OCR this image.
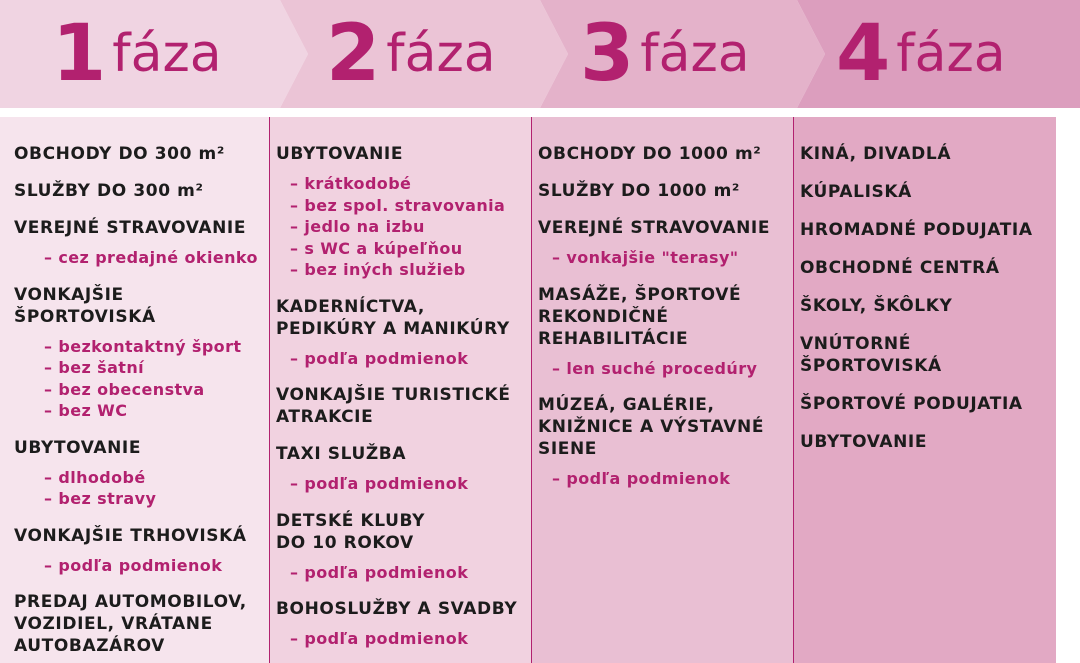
1 fáza 2 fáza 3 fáza 4 fáza
OBCHODY DO 300 m²
SLUŽBY DO 300 m²
VEREJNÉ STRAVOVANIE
– cez predajné okienko
VONKAJŠIE
ŠPORTOVISKÁ
– bezkontaktný šport
– bez šatní
– bez obecenstva
– bez WC
UBYTOVANIE
– dlhodobé
– bez stravy
VONKAJŠIE TRHOVISKÁ
– podľa podmienok
PREDAJ AUTOMOBILOV,
VOZIDIEL, VRÁTANE
AUTOBAZÁROV
UBYTOVANIE
– krátkodobé
– bez spol. stravovania
– jedlo na izbu
– s WC a kúpeľňou
– bez iných služieb
KADERNÍCTVA,
PEDIKÚRY A MANIKÚRY
– podľa podmienok
VONKAJŠIE TURISTICKÉ
ATRAKCIE
TAXI SLUŽBA
– podľa podmienok
DETSKÉ KLUBY
DO 10 ROKOV
– podľa podmienok
BOHOSLUŽBY A SVADBY
– podľa podmienok
OBCHODY DO 1000 m²
SLUŽBY DO 1000 m²
VEREJNÉ STRAVOVANIE
– vonkajšie "terasy"
MASÁŽE, ŠPORTOVÉ
REKONDIČNÉ
REHABILITÁCIE
– len suché procedúry
MÚZEÁ, GALÉRIE,
KNIŽNICE A VÝSTAVNÉ
SIENE
– podľa podmienok
KINÁ, DIVADLÁ
KÚPALISKÁ
HROMADNÉ PODUJATIA
OBCHODNÉ CENTRÁ
ŠKOLY, ŠKÔLKY
VNÚTORNÉ
ŠPORTOVISKÁ
ŠPORTOVÉ PODUJATIA
UBYTOVANIE
